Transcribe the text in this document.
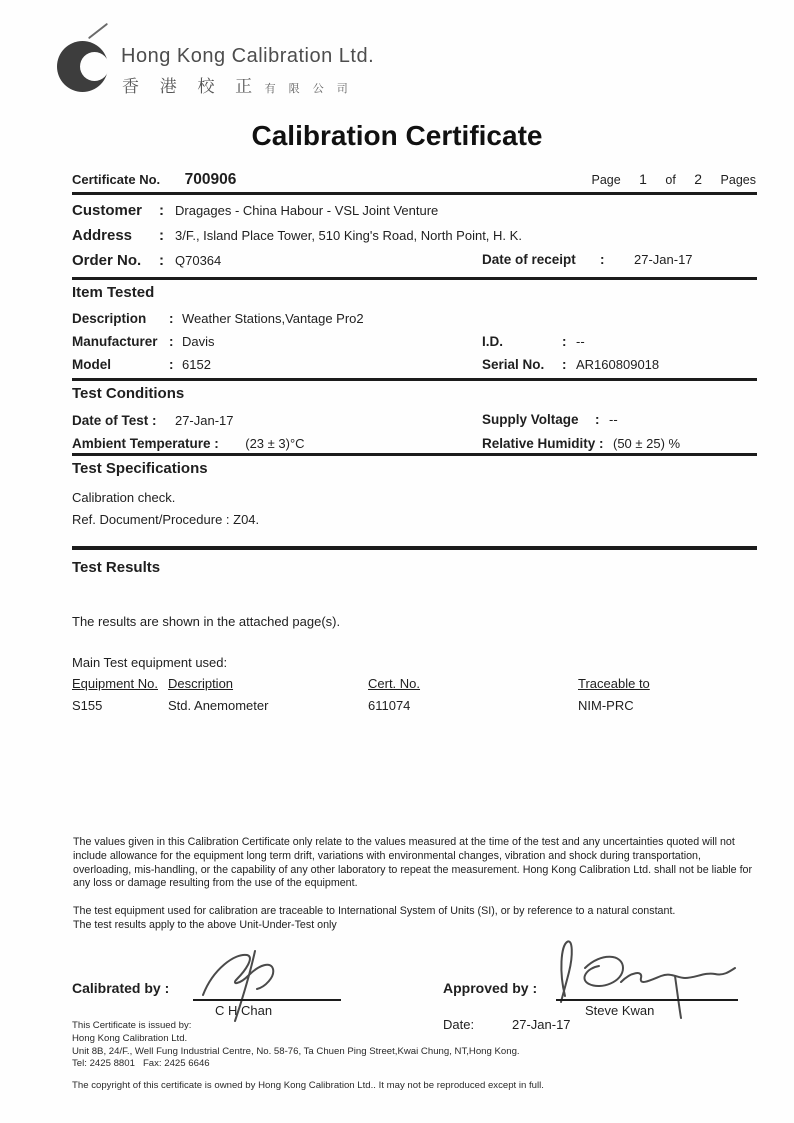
Hong Kong Calibration Ltd.
香 港 校 正 有 限 公 司
Calibration Certificate
Certificate No. 700906	Page 1 of 2 Pages
Customer	: Dragages - China Habour - VSL Joint Venture
Address	: 3/F., Island Place Tower, 510 King's Road, North Point, H. K.
Order No.	: Q70364	Date of receipt	:	27-Jan-17
Item Tested
Description	: Weather Stations,Vantage Pro2
Manufacturer : Davis	I.D.	: --
Model	: 6152	Serial No.	: AR160809018
Test Conditions
Date of Test : 27-Jan-17	Supply Voltage	: --
Ambient Temperature : (23 ± 3)°C	Relative Humidity : (50 ± 25) %
Test Specifications
Calibration check.
Ref. Document/Procedure : Z04.
Test Results
The results are shown in the attached page(s).
Main Test equipment used:
Equipment No. Description	Cert. No.	Traceable to
S155	Std. Anemometer	611074	NIM-PRC
The values given in this Calibration Certificate only relate to the values measured at the time of the test and any uncertainties quoted will not include allowance for the equipment long term drift, variations with environmental changes, vibration and shock during transportation, overloading, mis-handling, or the capability of any other laboratory to repeat the measurement. Hong Kong Calibration Ltd. shall not be liable for any loss or damage resulting from the use of the equipment.
The test equipment used for calibration are traceable to International System of Units (SI), or by reference to a natural constant.
The test results apply to the above Unit-Under-Test only
Calibrated by :
C H Chan
Approved by :
Steve Kwan
Date:	27-Jan-17
This Certificate is issued by:
Hong Kong Calibration Ltd.
Unit 8B, 24/F., Well Fung Industrial Centre, No. 58-76, Ta Chuen Ping Street,Kwai Chung, NT,Hong Kong.
Tel: 2425 8801   Fax: 2425 6646
The copyright of this certificate is owned by Hong Kong Calibration Ltd.. It may not be reproduced except in full.
